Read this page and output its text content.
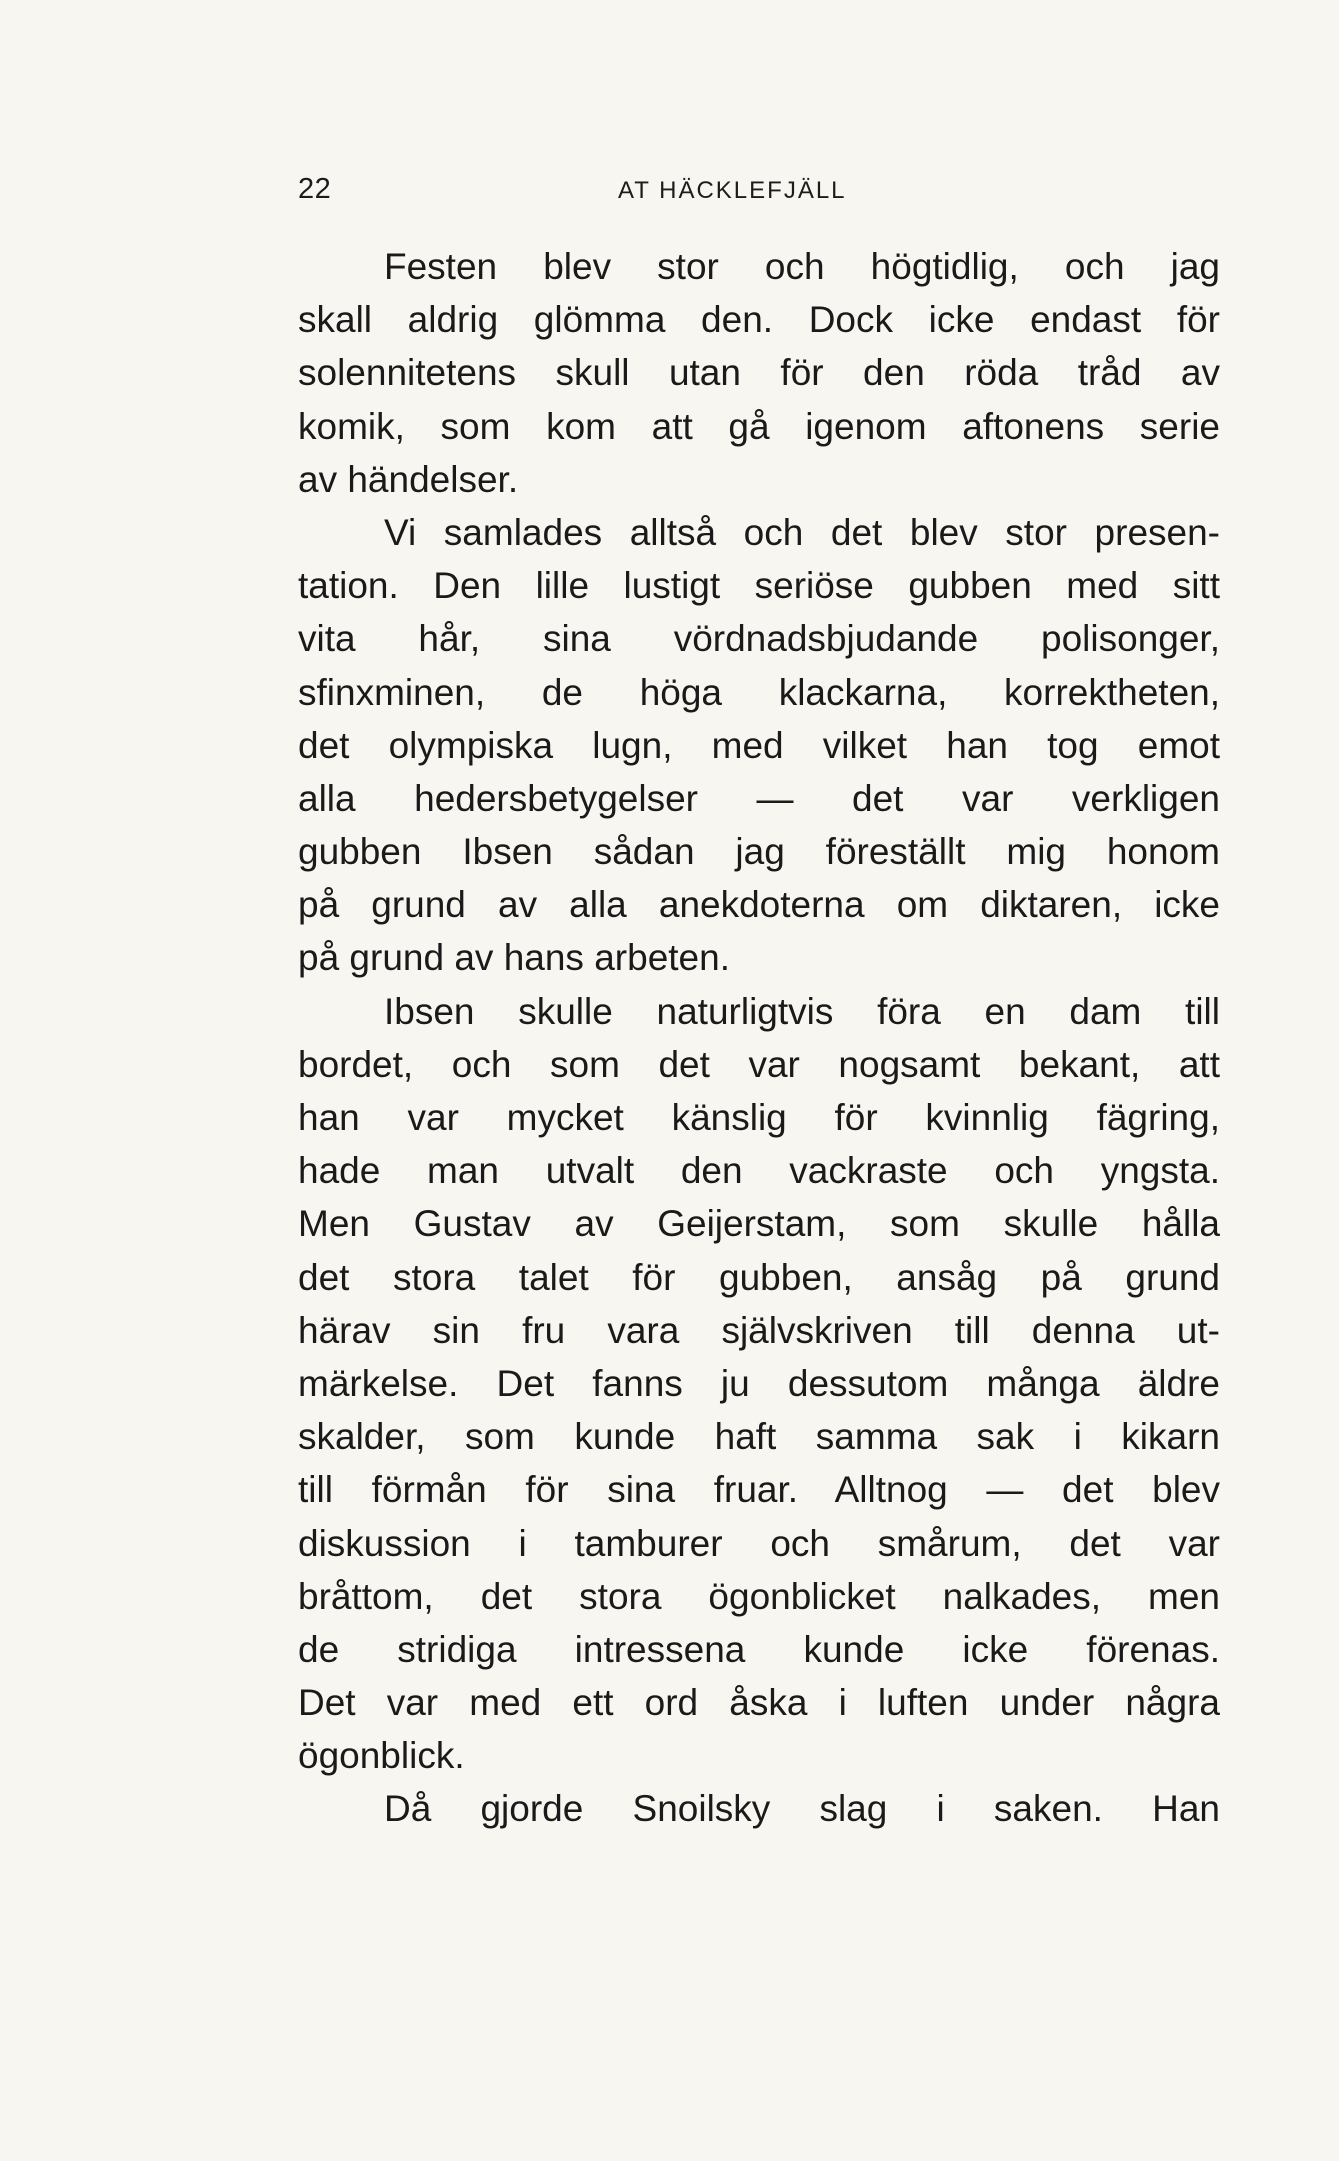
22	AT HÄCKLEFJÄLL
Festen blev stor och högtidlig, och jag
skall aldrig glömma den. Dock icke endast för
solennitetens skull utan för den röda tråd av
komik, som kom att gå igenom aftonens serie
av händelser.
Vi samlades alltså och det blev stor presen-
tation. Den lille lustigt seriöse gubben med sitt
vita hår, sina vördnadsbjudande polisonger,
sfinxminen, de höga klackarna, korrektheten,
det olympiska lugn, med vilket han tog emot
alla hedersbetygelser — det var verkligen
gubben Ibsen sådan jag föreställt mig honom
på grund av alla anekdoterna om diktaren, icke
på grund av hans arbeten.
Ibsen skulle naturligtvis föra en dam till
bordet, och som det var nogsamt bekant, att
han var mycket känslig för kvinnlig fägring,
hade man utvalt den vackraste och yngsta.
Men Gustav av Geijerstam, som skulle hålla
det stora talet för gubben, ansåg på grund
härav sin fru vara självskriven till denna ut-
märkelse. Det fanns ju dessutom många äldre
skalder, som kunde haft samma sak i kikarn
till förmån för sina fruar. Alltnog — det blev
diskussion i tamburer och smårum, det var
bråttom, det stora ögonblicket nalkades, men
de stridiga intressena kunde icke förenas.
Det var med ett ord åska i luften under några
ögonblick.
Då gjorde Snoilsky slag i saken. Han
